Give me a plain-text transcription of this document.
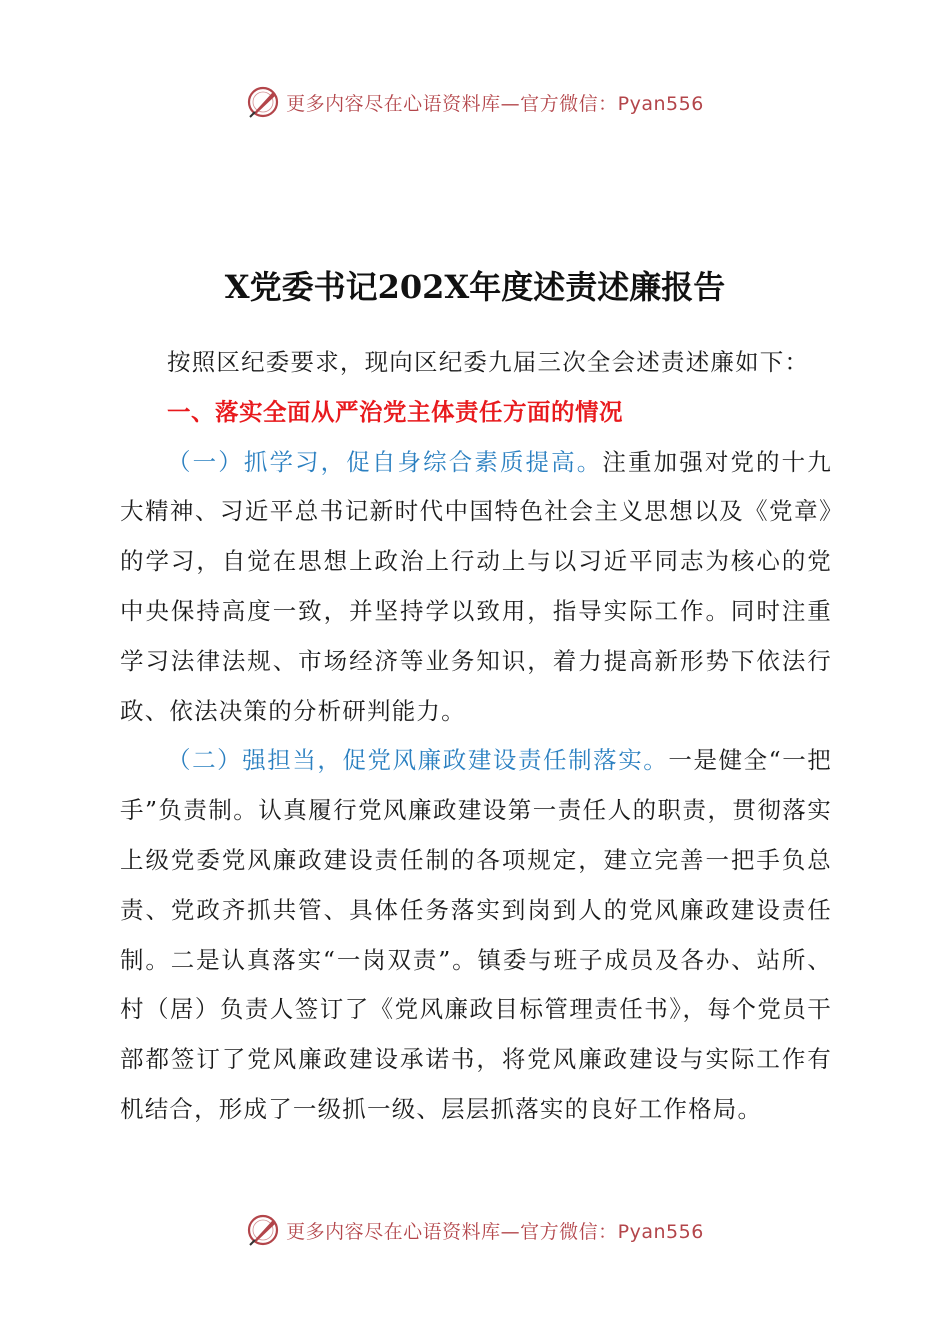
更多内容尽在心语资料库—官方微信：Pyan556
X党委书记202X年度述责述廉报告

按照区纪委要求，现向区纪委九届三次全会述责述廉如下：

一、落实全面从严治党主体责任方面的情况

（一）抓学习，促自身综合素质提高。注重加强对党的十九大精神、习近平总书记新时代中国特色社会主义思想以及《党章》的学习，自觉在思想上政治上行动上与以习近平同志为核心的党中央保持高度一致，并坚持学以致用，指导实际工作。同时注重学习法律法规、市场经济等业务知识，着力提高新形势下依法行政、依法决策的分析研判能力。

（二）强担当，促党风廉政建设责任制落实。一是健全“一把手”负责制。认真履行党风廉政建设第一责任人的职责，贯彻落实上级党委党风廉政建设责任制的各项规定，建立完善一把手负总责、党政齐抓共管、具体任务落实到岗到人的党风廉政建设责任制。二是认真落实“一岗双责”。镇委与班子成员及各办、站所、村（居）负责人签订了《党风廉政目标管理责任书》，每个党员干部都签订了党风廉政建设承诺书，将党风廉政建设与实际工作有机结合，形成了一级抓一级、层层抓落实的良好工作格局。

更多内容尽在心语资料库—官方微信：Pyan556
